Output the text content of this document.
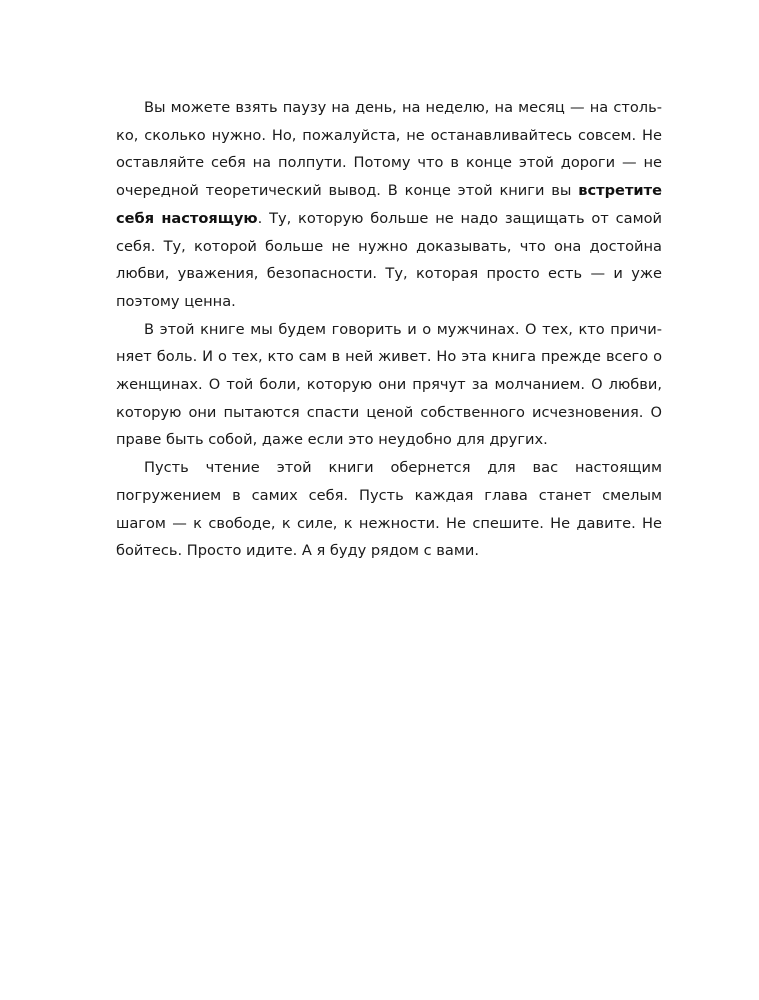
Вы можете взять паузу на день, на неделю, на месяц — на столько, сколько нужно. Но, пожалуйста, не останавливайтесь совсем. Не оставляйте себя на полпути. Потому что в конце этой дороги — не очередной теоретический вывод. В конце этой книги вы встретите себя настоящую. Ту, которую больше не надо защищать от самой себя. Ту, которой больше не нужно доказывать, что она достойна любви, уважения, безопасности. Ту, которая просто есть — и уже поэтому ценна.

В этой книге мы будем говорить и о мужчинах. О тех, кто причиняет боль. И о тех, кто сам в ней живет. Но эта книга прежде всего о женщинах. О той боли, которую они прячут за молчанием. О любви, которую они пытаются спасти ценой собственного исчезновения. О праве быть собой, даже если это неудобно для других.

Пусть чтение этой книги обернется для вас настоящим погружением в самих себя. Пусть каждая глава станет смелым шагом — к свободе, к силе, к нежности. Не спешите. Не давите. Не бойтесь. Просто идите. А я буду рядом с вами.
